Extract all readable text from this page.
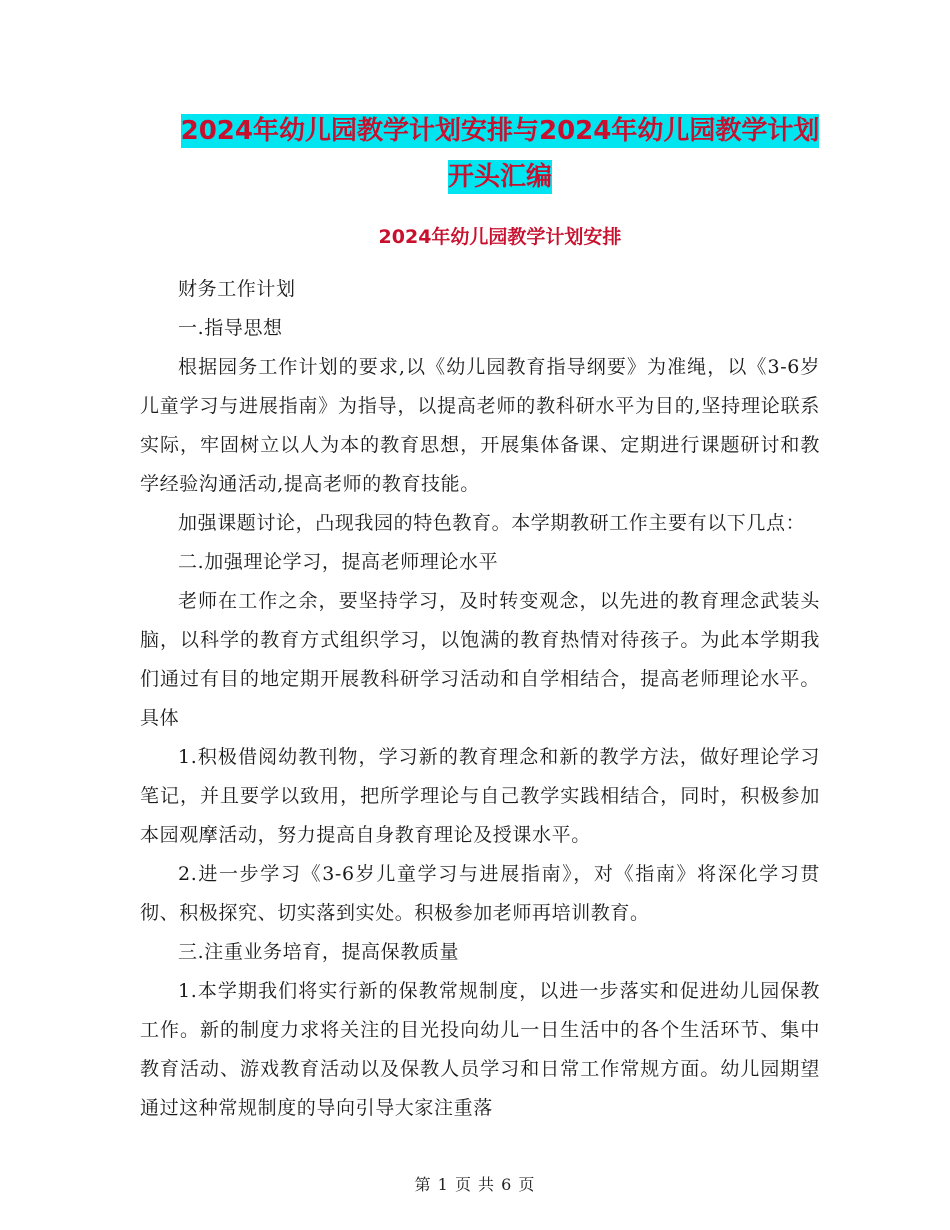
2024年幼儿园教学计划安排与2024年幼儿园教学计划
开头汇编
2024年幼儿园教学计划安排

财务工作计划

一.指导思想

根据园务工作计划的要求,以《幼儿园教育指导纲要》为准绳，以《3-6岁儿童学习与进展指南》为指导，以提高老师的教科研水平为目的,坚持理论联系实际，牢固树立以人为本的教育思想，开展集体备课、定期进行课题研讨和教学经验沟通活动,提高老师的教育技能。

加强课题讨论，凸现我园的特色教育。本学期教研工作主要有以下几点：

二.加强理论学习，提高老师理论水平

老师在工作之余，要坚持学习，及时转变观念，以先进的教育理念武装头脑，以科学的教育方式组织学习，以饱满的教育热情对待孩子。为此本学期我们通过有目的地定期开展教科研学习活动和自学相结合，提高老师理论水平。具体

1.积极借阅幼教刊物，学习新的教育理念和新的教学方法，做好理论学习笔记，并且要学以致用，把所学理论与自己教学实践相结合，同时，积极参加本园观摩活动，努力提高自身教育理论及授课水平。

2.进一步学习《3-6岁儿童学习与进展指南》，对《指南》将深化学习贯彻、积极探究、切实落到实处。积极参加老师再培训教育。

三.注重业务培育，提高保教质量

1.本学期我们将实行新的保教常规制度，以进一步落实和促进幼儿园保教工作。新的制度力求将关注的目光投向幼儿一日生活中的各个生活环节、集中教育活动、游戏教育活动以及保教人员学习和日常工作常规方面。幼儿园期望通过这种常规制度的导向引导大家注重落

第 1 页 共 6 页
